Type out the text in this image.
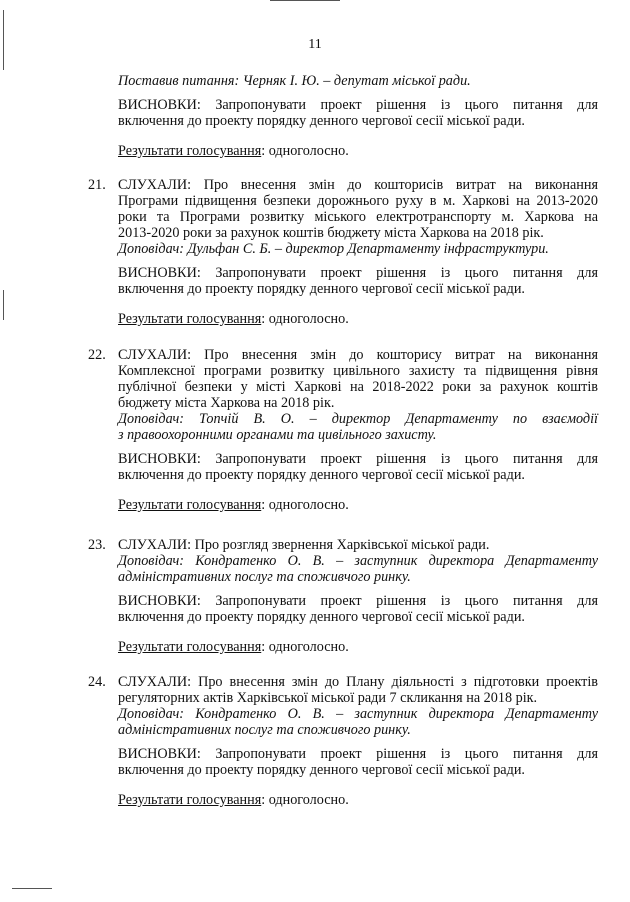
11

Поставив питання: Черняк І. Ю. – депутат міської ради.

ВИСНОВКИ: Запропонувати проект рішення із цього питання для

включення до проекту порядку денного чергової сесії міської ради.

Результати голосування: одноголосно.

21. СЛУХАЛИ: Про внесення змін до кошторисів витрат на виконання

Програми підвищення безпеки дорожнього руху в м. Харкові на 2013-2020

роки та Програми розвитку міського електротранспорту м. Харкова на

2013-2020 роки за рахунок коштів бюджету міста Харкова на 2018 рік.

Доповідач: Дульфан С. Б. – директор Департаменту інфраструктури.

ВИСНОВКИ: Запропонувати проект рішення із цього питання для

включення до проекту порядку денного чергової сесії міської ради.

Результати голосування: одноголосно.

22. СЛУХАЛИ: Про внесення змін до кошторису витрат на виконання

Комплексної програми розвитку цивільного захисту та підвищення рівня

публічної безпеки у місті Харкові на 2018-2022 роки за рахунок коштів

бюджету міста Харкова на 2018 рік.

Доповідач: Топчій В. О. – директор Департаменту по взаємодії

з правоохоронними органами та цивільного захисту.

ВИСНОВКИ: Запропонувати проект рішення із цього питання для

включення до проекту порядку денного чергової сесії міської ради.

Результати голосування: одноголосно.

23. СЛУХАЛИ: Про розгляд звернення Харківської міської ради.

Доповідач: Кондратенко О. В. – заступник директора Департаменту

адміністративних послуг та споживчого ринку.

ВИСНОВКИ: Запропонувати проект рішення із цього питання для

включення до проекту порядку денного чергової сесії міської ради.

Результати голосування: одноголосно.

24. СЛУХАЛИ: Про внесення змін до Плану діяльності з підготовки проектів

регуляторних актів Харківської міської ради 7 скликання на 2018 рік.

Доповідач: Кондратенко О. В. – заступник директора Департаменту

адміністративних послуг та споживчого ринку.

ВИСНОВКИ: Запропонувати проект рішення із цього питання для

включення до проекту порядку денного чергової сесії міської ради.

Результати голосування: одноголосно.
